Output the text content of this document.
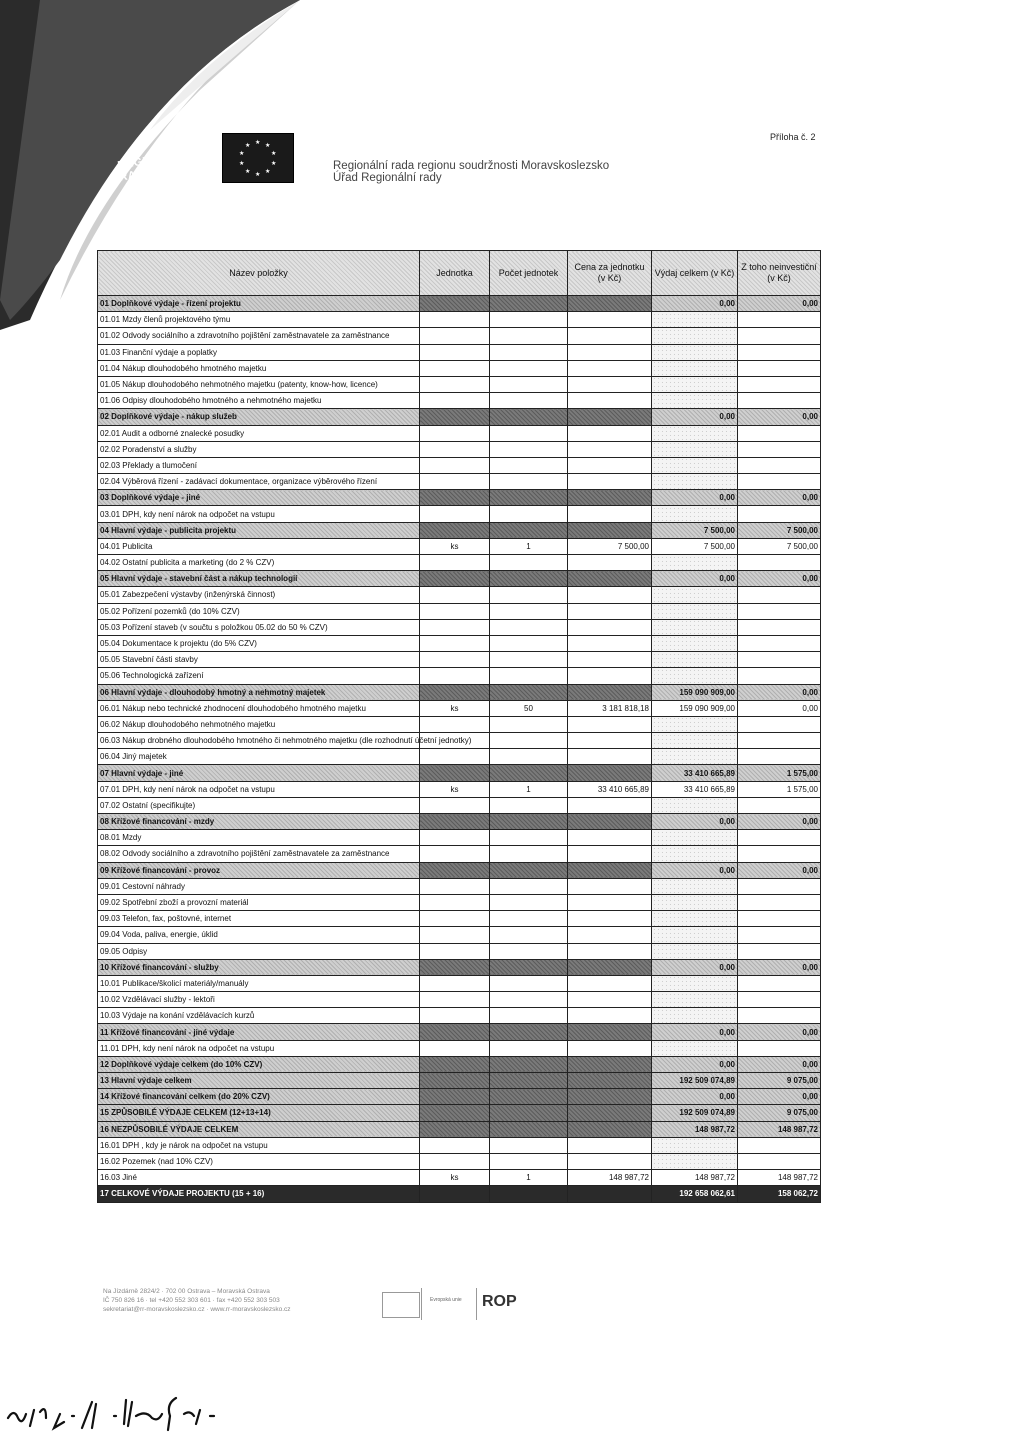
REGIONÁLNÍ RADA
★ ★
★
★
★
★
★
★
★
★
Regionální rada regionu soudržnosti Moravskoslezsko
Úřad Regionální rady
Příloha č. 2
Název položky	Jednotka	Počet jednotek	Cena za jednotku (v Kč)	Výdaj celkem (v Kč)	Z toho neinvestiční (v Kč)
01 Doplňkové výdaje - řízení projektu				0,00	0,00
01.01 Mzdy členů projektového týmu					
01.02 Odvody sociálního a zdravotního pojištění zaměstnavatele za zaměstnance					
01.03 Finanční výdaje a poplatky					
01.04 Nákup dlouhodobého hmotného majetku					
01.05 Nákup dlouhodobého nehmotného majetku (patenty, know-how, licence)					
01.06 Odpisy dlouhodobého hmotného a nehmotného majetku					
02 Doplňkové výdaje - nákup služeb				0,00	0,00
02.01 Audit a odborné znalecké posudky					
02.02 Poradenství a služby					
02.03 Překlady a tlumočení					
02.04 Výběrová řízení - zadávací dokumentace, organizace výběrového řízení					
03 Doplňkové výdaje - jiné				0,00	0,00
03.01 DPH, kdy není nárok na odpočet na vstupu					
04 Hlavní výdaje - publicita projektu				7 500,00	7 500,00
04.01 Publicita	ks	1	7 500,00	7 500,00	7 500,00
04.02 Ostatní publicita a marketing (do 2 % CZV)					
05 Hlavní výdaje - stavební část a nákup technologií				0,00	0,00
05.01 Zabezpečení výstavby (inženýrská činnost)					
05.02 Pořízení pozemků (do 10% CZV)					
05.03 Pořízení staveb (v součtu s položkou 05.02 do 50 % CZV)					
05.04 Dokumentace k projektu (do 5% CZV)					
05.05 Stavební části stavby					
05.06 Technologická zařízení					
06 Hlavní výdaje - dlouhodobý hmotný a nehmotný majetek				159 090 909,00	0,00
06.01 Nákup nebo technické zhodnocení dlouhodobého hmotného majetku	ks	50	3 181 818,18	159 090 909,00	0,00
06.02 Nákup dlouhodobého nehmotného majetku					
06.03 Nákup drobného dlouhodobého hmotného či nehmotného majetku (dle rozhodnutí účetní jednotky)					
06.04 Jiný majetek					
07 Hlavní výdaje - jiné				33 410 665,89	1 575,00
07.01 DPH, kdy není nárok na odpočet na vstupu	ks	1	33 410 665,89	33 410 665,89	1 575,00
07.02 Ostatní (specifikujte)					
08 Křížové financování - mzdy				0,00	0,00
08.01 Mzdy					
08.02 Odvody sociálního a zdravotního pojištění zaměstnavatele za zaměstnance					
09 Křížové financování - provoz				0,00	0,00
09.01 Cestovní náhrady					
09.02 Spotřební zboží a provozní materiál					
09.03 Telefon, fax, poštovné, internet					
09.04 Voda, paliva, energie, úklid					
09.05 Odpisy					
10 Křížové financování - služby				0,00	0,00
10.01 Publikace/školicí materiály/manuály					
10.02 Vzdělávací služby - lektoři					
10.03 Výdaje na konání vzdělávacích kurzů					
11 Křížové financování - jiné výdaje				0,00	0,00
11.01 DPH, kdy není nárok na odpočet na vstupu					
12 Doplňkové výdaje celkem (do 10% CZV)				0,00	0,00
13 Hlavní výdaje celkem				192 509 074,89	9 075,00
14 Křížové financování celkem (do 20% CZV)				0,00	0,00
15 ZPŮSOBILÉ VÝDAJE CELKEM (12+13+14)				192 509 074,89	9 075,00
16 NEZPŮSOBILÉ VÝDAJE CELKEM				148 987,72	148 987,72
16.01 DPH , kdy je nárok na odpočet na vstupu					
16.02 Pozemek (nad 10% CZV)					
16.03 Jiné	ks	1	148 987,72	148 987,72	148 987,72
17 CELKOVÉ VÝDAJE PROJEKTU (15 + 16)				192 658 062,61	158 062,72
Na Jízdárně 2824/2 · 702 00 Ostrava – Moravská Ostrava
IČ 750 826 16 · tel +420 552 303 601 · fax +420 552 303 503
sekretariat@rr-moravskoslezsko.cz · www.rr-moravskoslezsko.cz
Evropská unie ROP
